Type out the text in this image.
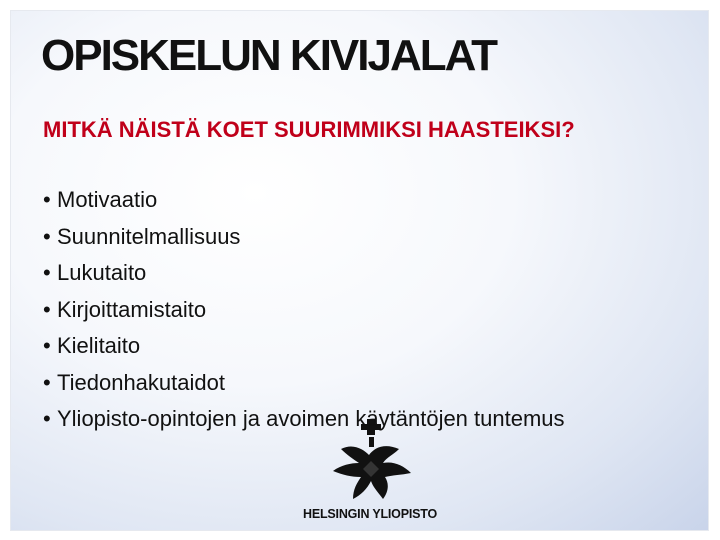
OPISKELUN KIVIJALAT
MITKÄ NÄISTÄ KOET SUURIMMIKSI HAASTEIKSI?
HELSINGIN YLIOPISTO
• Motivaatio
• Suunnitelmallisuus
• Lukutaito
• Kirjoittamistaito
• Kielitaito
• Tiedonhakutaidot
• Yliopisto-opintojen ja avoimen käytäntöjen tuntemus
